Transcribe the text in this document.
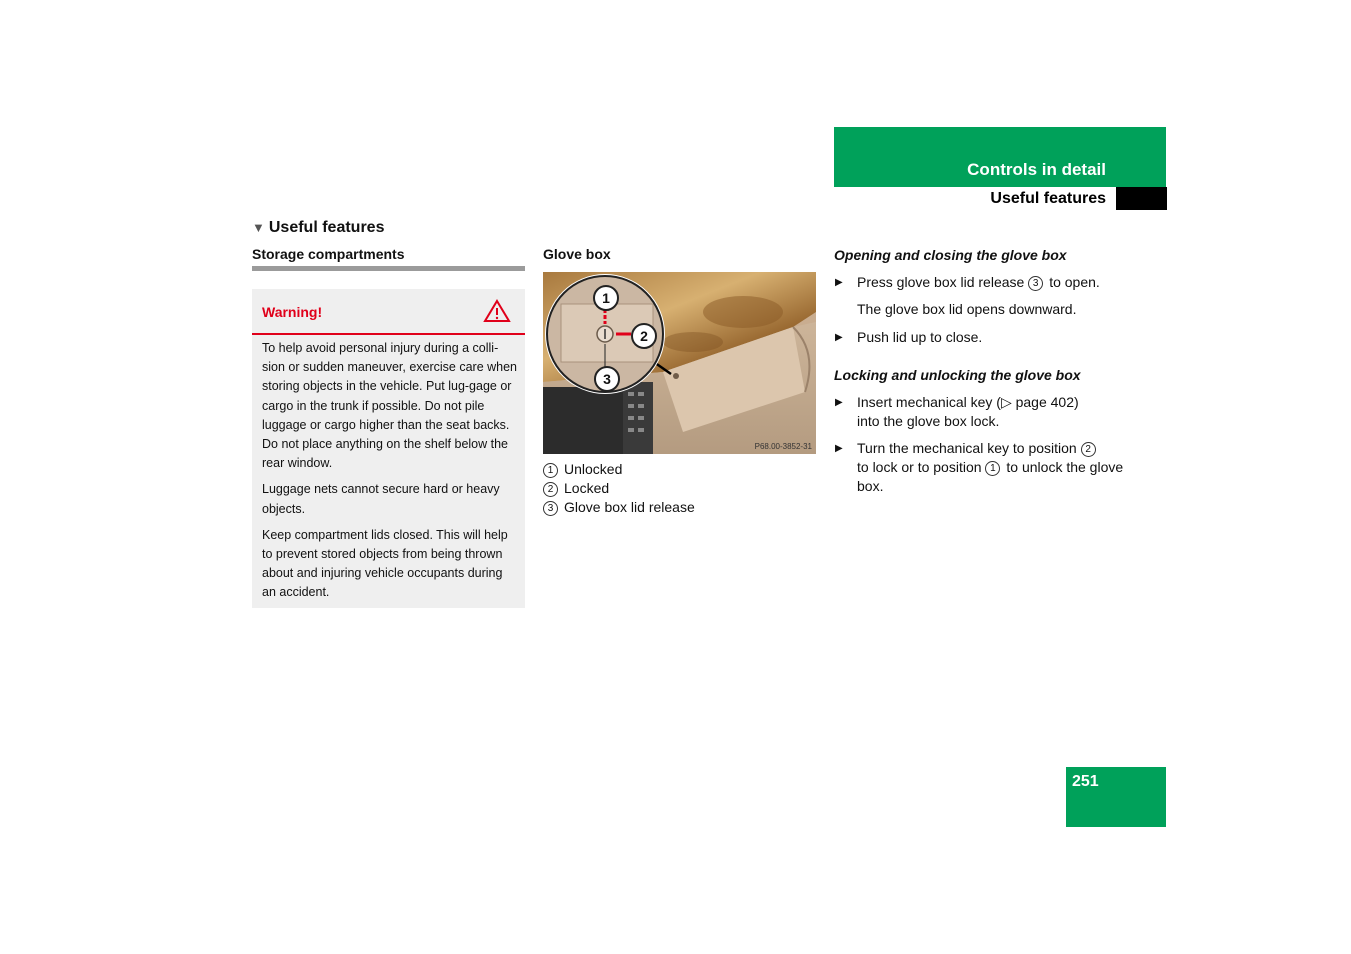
Controls in detail
Useful features
▼ Useful features
Storage compartments
Warning!

To help avoid personal injury during a colli-sion or sudden maneuver, exercise care when storing objects in the vehicle. Put lug-gage or cargo in the trunk if possible. Do not pile luggage or cargo higher than the seat backs. Do not place anything on the shelf below the rear window.

Luggage nets cannot secure hard or heavy objects.

Keep compartment lids closed. This will help to prevent stored objects from being thrown about and injuring vehicle occupants during an accident.

Glove box
1
2
3
P68.00-3852-31
1 Unlocked
2 Locked
3 Glove box lid release
Opening and closing the glove box

▶ Press glove box lid release 3 to open.

The glove box lid opens downward.

▶ Push lid up to close.

Locking and unlocking the glove box

▶ Insert mechanical key (▷ page 402)
into the glove box lock.

▶ Turn the mechanical key to position 2
to lock or to position 1 to unlock the glove box.

251
